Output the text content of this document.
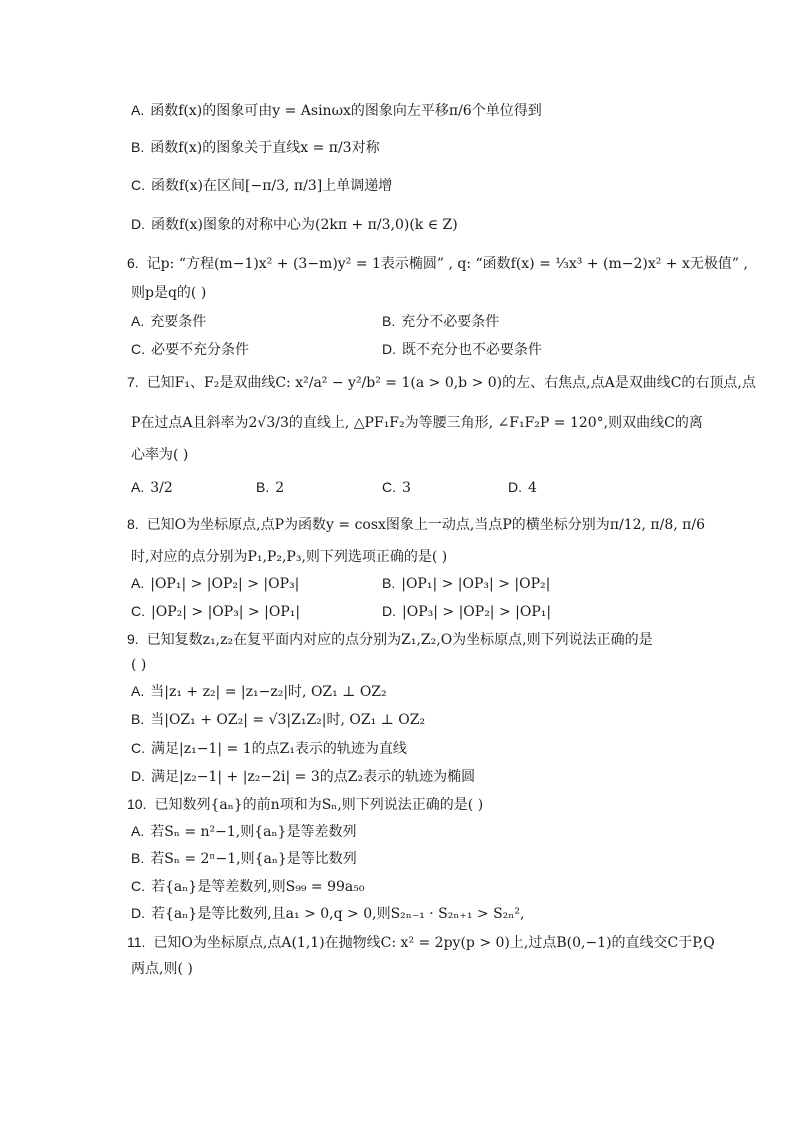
A. 函数f(x)的图象可由y = Asinωx的图象向左平移π/6个单位得到
B. 函数f(x)的图象关于直线x = π/3对称
C. 函数f(x)在区间[−π/3, π/3]上单调递增
D. 函数f(x)图象的对称中心为(2kπ + π/3,0)(k ∈ Z)
6. 记p: “方程(m−1)x² + (3−m)y² = 1表示椭圆” , q: “函数f(x) = ⅓x³ + (m−2)x² + x无极值” ,
则p是q的( )
A. 充要条件	B. 充分不必要条件
C. 必要不充分条件	D. 既不充分也不必要条件
7. 已知F₁、F₂是双曲线C: x²/a² − y²/b² = 1(a > 0,b > 0)的左、右焦点,点A是双曲线C的右顶点,点
P在过点A且斜率为2√3/3的直线上, △PF₁F₂为等腰三角形, ∠F₁F₂P = 120°,则双曲线C的离
心率为( )
A. 3/2	B. 2	C. 3	D. 4
8. 已知O为坐标原点,点P为函数y = cosx图象上一动点,当点P的横坐标分别为π/12, π/8, π/6
时,对应的点分别为P₁,P₂,P₃,则下列选项正确的是( )
A. |OP₁| > |OP₂| > |OP₃|	B. |OP₁| > |OP₃| > |OP₂|
C. |OP₂| > |OP₃| > |OP₁|	D. |OP₃| > |OP₂| > |OP₁|
9. 已知复数z₁,z₂在复平面内对应的点分别为Z₁,Z₂,O为坐标原点,则下列说法正确的是
( )
A. 当|z₁ + z₂| = |z₁−z₂|时, OZ₁ ⊥ OZ₂
B. 当|OZ₁ + OZ₂| = √3|Z₁Z₂|时, OZ₁ ⊥ OZ₂
C. 满足|z₁−1| = 1的点Z₁表示的轨迹为直线
D. 满足|z₂−1| + |z₂−2i| = 3的点Z₂表示的轨迹为椭圆
10. 已知数列{aₙ}的前n项和为Sₙ,则下列说法正确的是( )
A. 若Sₙ = n²−1,则{aₙ}是等差数列
B. 若Sₙ = 2ⁿ−1,则{aₙ}是等比数列
C. 若{aₙ}是等差数列,则S₉₉ = 99a₅₀
D. 若{aₙ}是等比数列,且a₁ > 0,q > 0,则S₂ₙ₋₁ · S₂ₙ₊₁ > S₂ₙ²,
11. 已知O为坐标原点,点A(1,1)在抛物线C: x² = 2py(p > 0)上,过点B(0,−1)的直线交C于P,Q
两点,则( )
